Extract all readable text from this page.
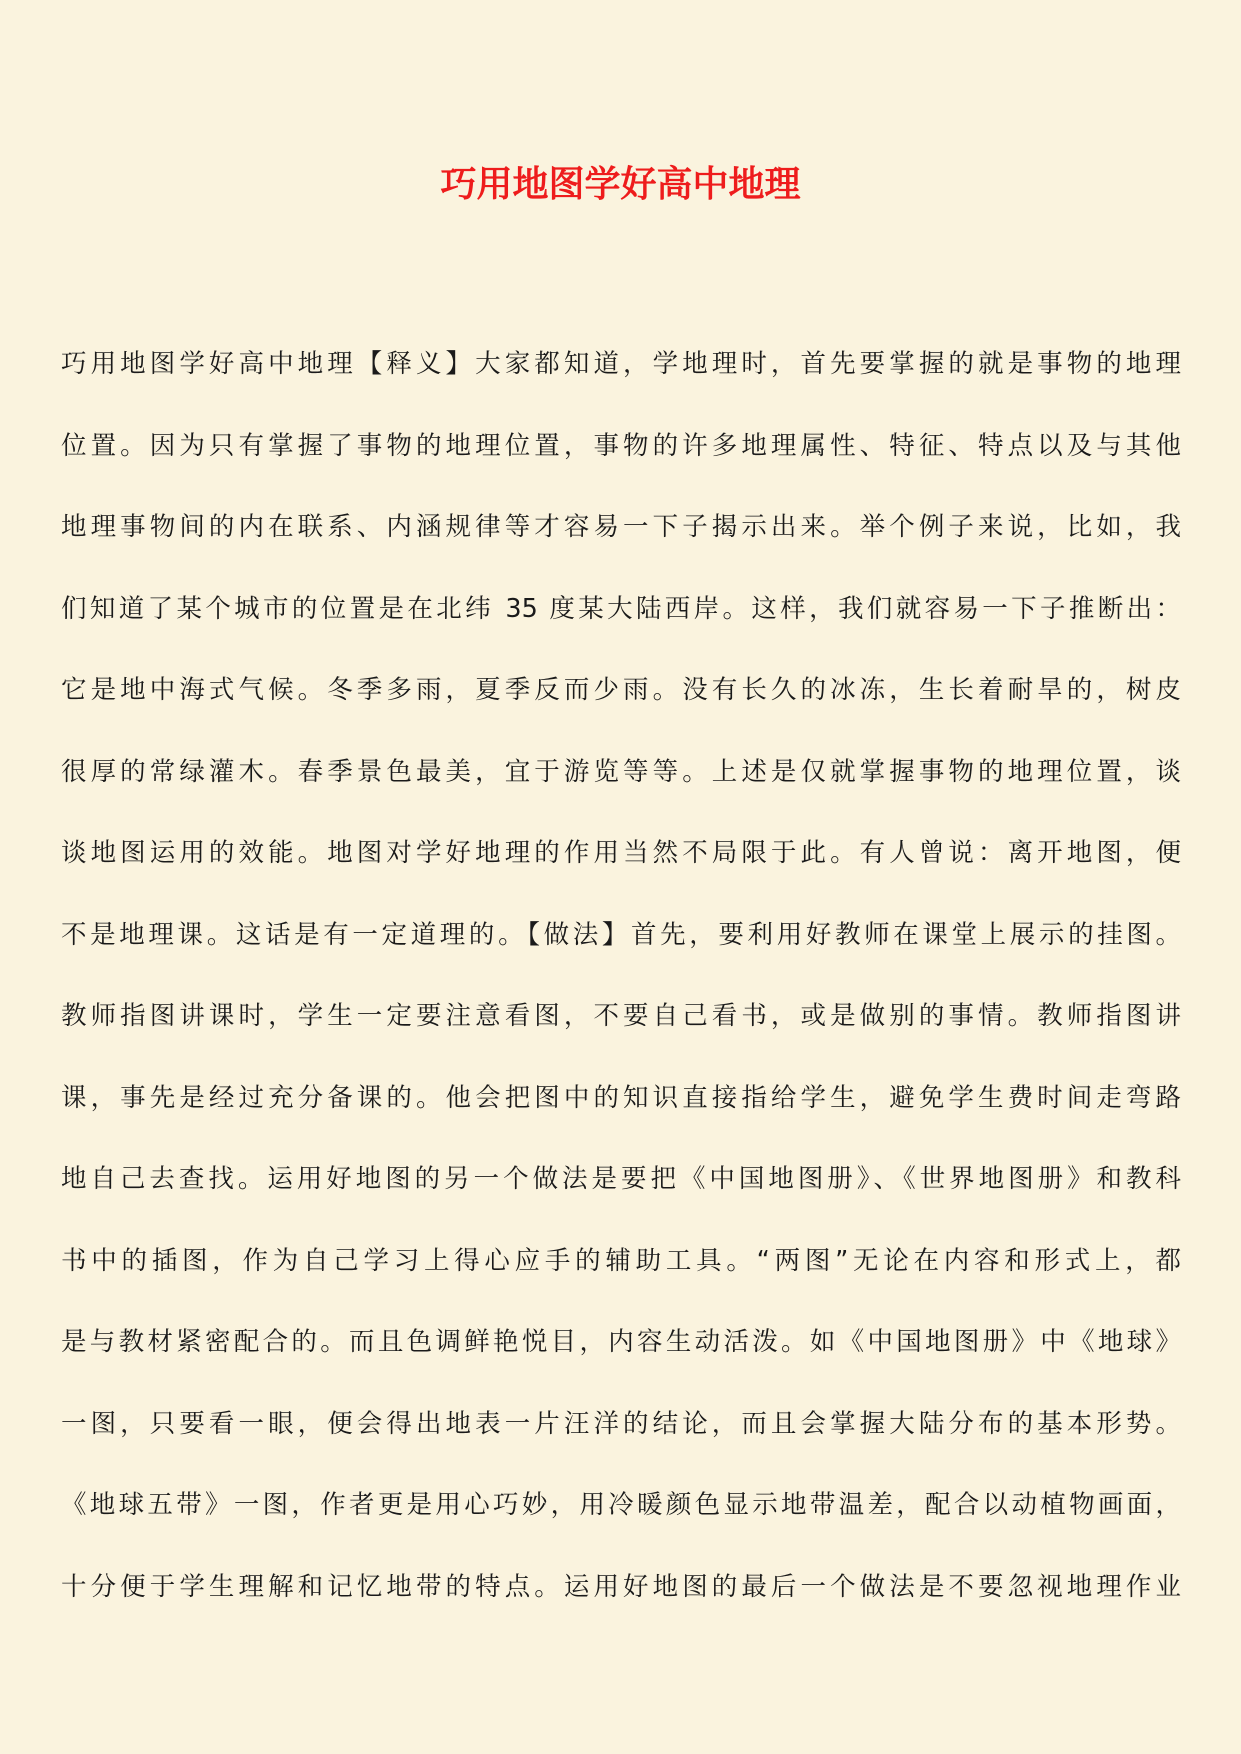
巧用地图学好高中地理
巧用地图学好高中地理【释义】大家都知道，学地理时，首先要掌握的就是事物的地理
位置。因为只有掌握了事物的地理位置，事物的许多地理属性、特征、特点以及与其他
地理事物间的内在联系、内涵规律等才容易一下子揭示出来。举个例子来说，比如，我
们知道了某个城市的位置是在北纬 35 度某大陆西岸。这样，我们就容易一下子推断出：
它是地中海式气候。冬季多雨，夏季反而少雨。没有长久的冰冻，生长着耐旱的，树皮
很厚的常绿灌木。春季景色最美，宜于游览等等。上述是仅就掌握事物的地理位置，谈
谈地图运用的效能。地图对学好地理的作用当然不局限于此。有人曾说：离开地图，便
不是地理课。这话是有一定道理的。【做法】首先，要利用好教师在课堂上展示的挂图。
教师指图讲课时，学生一定要注意看图，不要自己看书，或是做别的事情。教师指图讲
课，事先是经过充分备课的。他会把图中的知识直接指给学生，避免学生费时间走弯路
地自己去查找。运用好地图的另一个做法是要把《中国地图册》、《世界地图册》和教科
书中的插图，作为自己学习上得心应手的辅助工具。“两图”无论在内容和形式上，都
是与教材紧密配合的。而且色调鲜艳悦目，内容生动活泼。如《中国地图册》中《地球》
一图，只要看一眼，便会得出地表一片汪洋的结论，而且会掌握大陆分布的基本形势。
《地球五带》一图，作者更是用心巧妙，用冷暖颜色显示地带温差，配合以动植物画面，
十分便于学生理解和记忆地带的特点。运用好地图的最后一个做法是不要忽视地理作业
